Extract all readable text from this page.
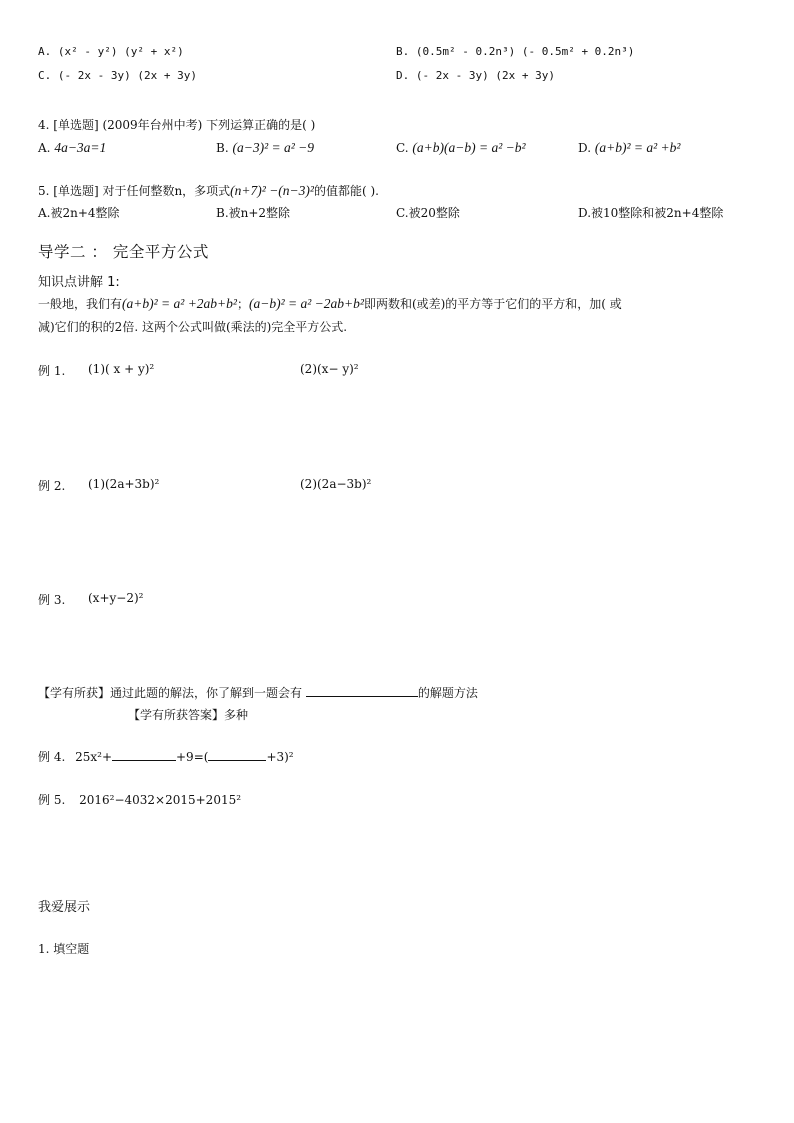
A. (x² - y²) (y² + x²)	B. (0.5m² - 0.2n³) (- 0.5m² + 0.2n³)
C. (- 2x - 3y) (2x + 3y)	D. (- 2x - 3y) (2x + 3y)
4. [单选题] (2009年台州中考) 下列运算正确的是( )
A. 4a−3a=1	B. (a−3)² = a² −9	C. (a+b)(a−b) = a² −b²	D. (a+b)² = a² +b²
5. [单选题] 对于任何整数n，多项式(n+7)² −(n−3)²的值都能( ).
A.被2n+4整除	B.被n+2整除	C.被20整除	D.被10整除和被2n+4整除
导学二 ： 完全平方公式
知识点讲解 1:
一般地，我们有(a+b)² = a² +2ab+b²；(a−b)² = a² −2ab+b²即两数和(或差)的平方等于它们的平方和，加( 或
减)它们的积的2倍. 这两个公式叫做(乘法的)完全平方公式.
例 1. (1)( x + y)²	(2)(x− y)²
例 2. (1)(2a+3b)²	(2)(2a−3b)²
例 3. (x+y−2)²
【学有所获】通过此题的解法，你了解到一题会有	的解题方法
【学有所获答案】多种
例 4. 25x²+	+9=(	+3)²
例 5. 2016²−4032×2015+2015²
我爱展示
1. 填空题
